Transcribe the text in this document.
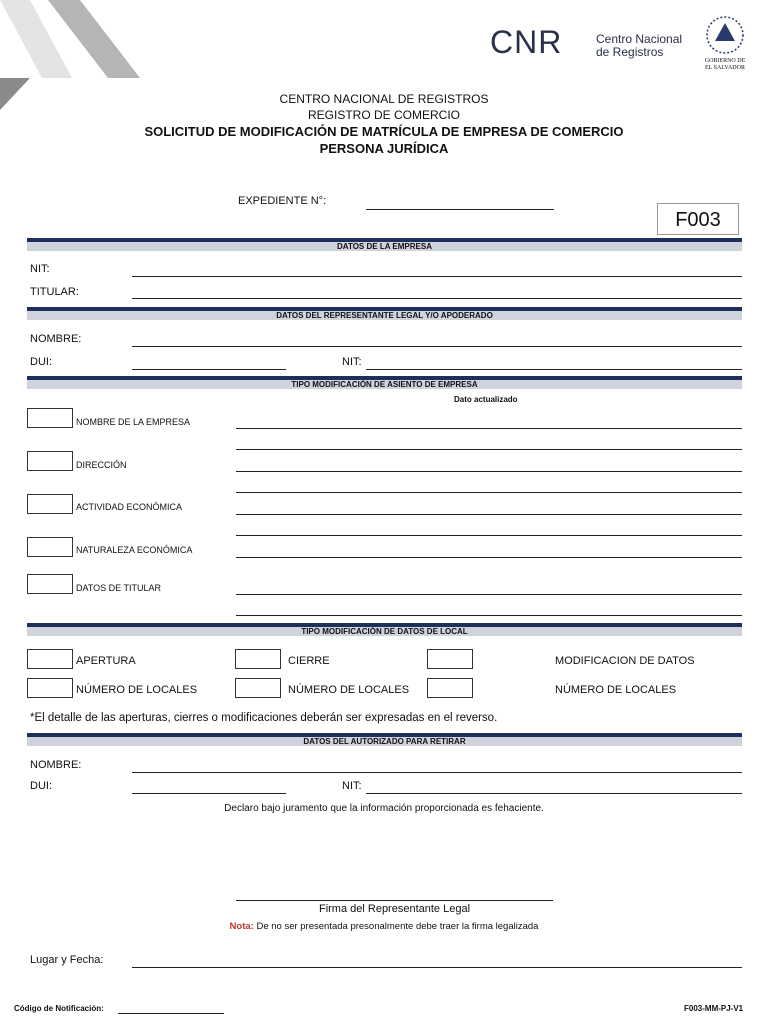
CNR	Centro Nacional
de Registros
GOBIERNO DE
EL SALVADOR
CENTRO NACIONAL DE REGISTROS
REGISTRO DE COMERCIO
SOLICITUD DE MODIFICACIÓN DE MATRÍCULA DE EMPRESA DE COMERCIO
PERSONA JURÍDICA
EXPEDIENTE N°:
F003
DATOS DE LA EMPRESA
NIT:
TITULAR:
DATOS DEL REPRESENTANTE LEGAL Y/O APODERADO
NOMBRE:
DUI:	NIT:
TIPO MODIFICACIÓN DE ASIENTO DE EMPRESA
Dato actualizado
NOMBRE DE LA EMPRESA
DIRECCIÓN
ACTIVIDAD ECONÓMICA
NATURALEZA ECONÓMICA
DATOS DE TITULAR
TIPO MODIFICACIÓN DE DATOS DE LOCAL
APERTURA	CIERRE	MODIFICACION DE DATOS
NÚMERO DE LOCALES	NÚMERO DE LOCALES	NÚMERO DE LOCALES
*El detalle de las aperturas, cierres o modificaciones deberán ser expresadas en el reverso.
DATOS DEL AUTORIZADO PARA RETIRAR
NOMBRE:
DUI:	NIT:
Declaro bajo juramento que la información proporcionada es fehaciente.
Firma del Representante Legal
Nota: De no ser presentada presonalmente debe traer la firma legalizada
Lugar y Fecha:
Código de Notificación:	F003-MM-PJ-V1
